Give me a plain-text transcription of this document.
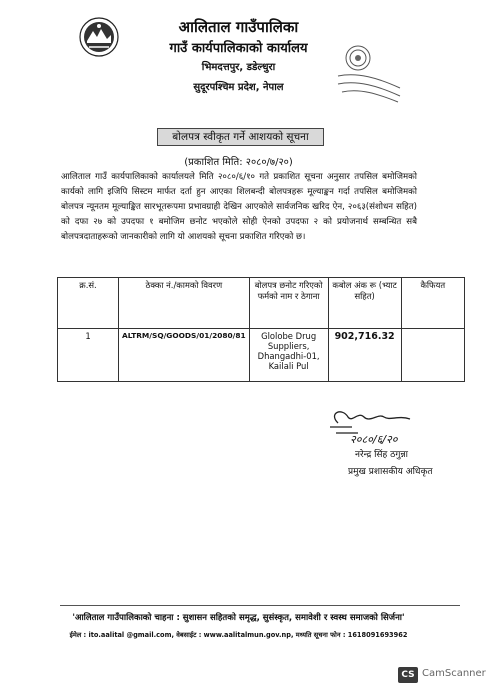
आलिताल गाउँपालिका
गाउँ कार्यपालिकाको कार्यालय
भिमदत्तपुर, डडेल्धुरा
सुदूरपश्चिम प्रदेश, नेपाल
बोलपत्र स्वीकृत गर्ने आशयको सूचना
(प्रकाशित मिति: २०८०/७/२०)
आलिताल गाउँ कार्यपालिकाको कार्यालयले मिति २०८०/६/१० गते प्रकाशित सूचना अनुसार तपसिल बमोजिमको कार्यको लागि इजिपि सिस्टम मार्फत दर्ता हुन आएका शिलबन्दी बोलपत्रहरू मूल्याङ्कन गर्दा तपसिल बमोजिमको बोलपत्र न्यूनतम मूल्याङ्कित सारभूतरूपमा प्रभावग्राही देखिन आएकोले सार्वजनिक खरिद ऐन, २०६३(संशोधन सहित) को दफा २७ को उपदफा १ बमोजिम छनोट भएकोले सोही ऐनको उपदफा २ को प्रयोजनार्थ सम्बन्धित सबै बोलपत्रदाताहरूको जानकारीको लागि यो आशयको सूचना प्रकाशित गरिएको छ।
क्र.सं.	ठेक्का नं./कामको विवरण	बोलपत्र छनोट गरिएको फर्मको नाम र ठेगाना	कबोल अंक रू (भ्याट सहित)	कैफियत
1	ALTRM/SQ/GOODS/01/2080/81	Glolobe Drug Suppliers, Dhangadhi-01, Kailali Pul	902,716.32	
२०८०/६/२०
नरेन्द्र सिंह ठगुन्ना
प्रमुख प्रशासकीय अधिकृत
'आलिताल गाउँपालिकाको चाहना : सुशासन सहितको समृद्ध, सुसंस्कृत, समावेशी र स्वस्थ समाजको सिर्जना'
ईमेल : ito.aalital @gmail.com, वेबसाईट : www.aalitalmun.gov.np, मध्यति सूचना फोन : 1618091693962
CS CamScanner
